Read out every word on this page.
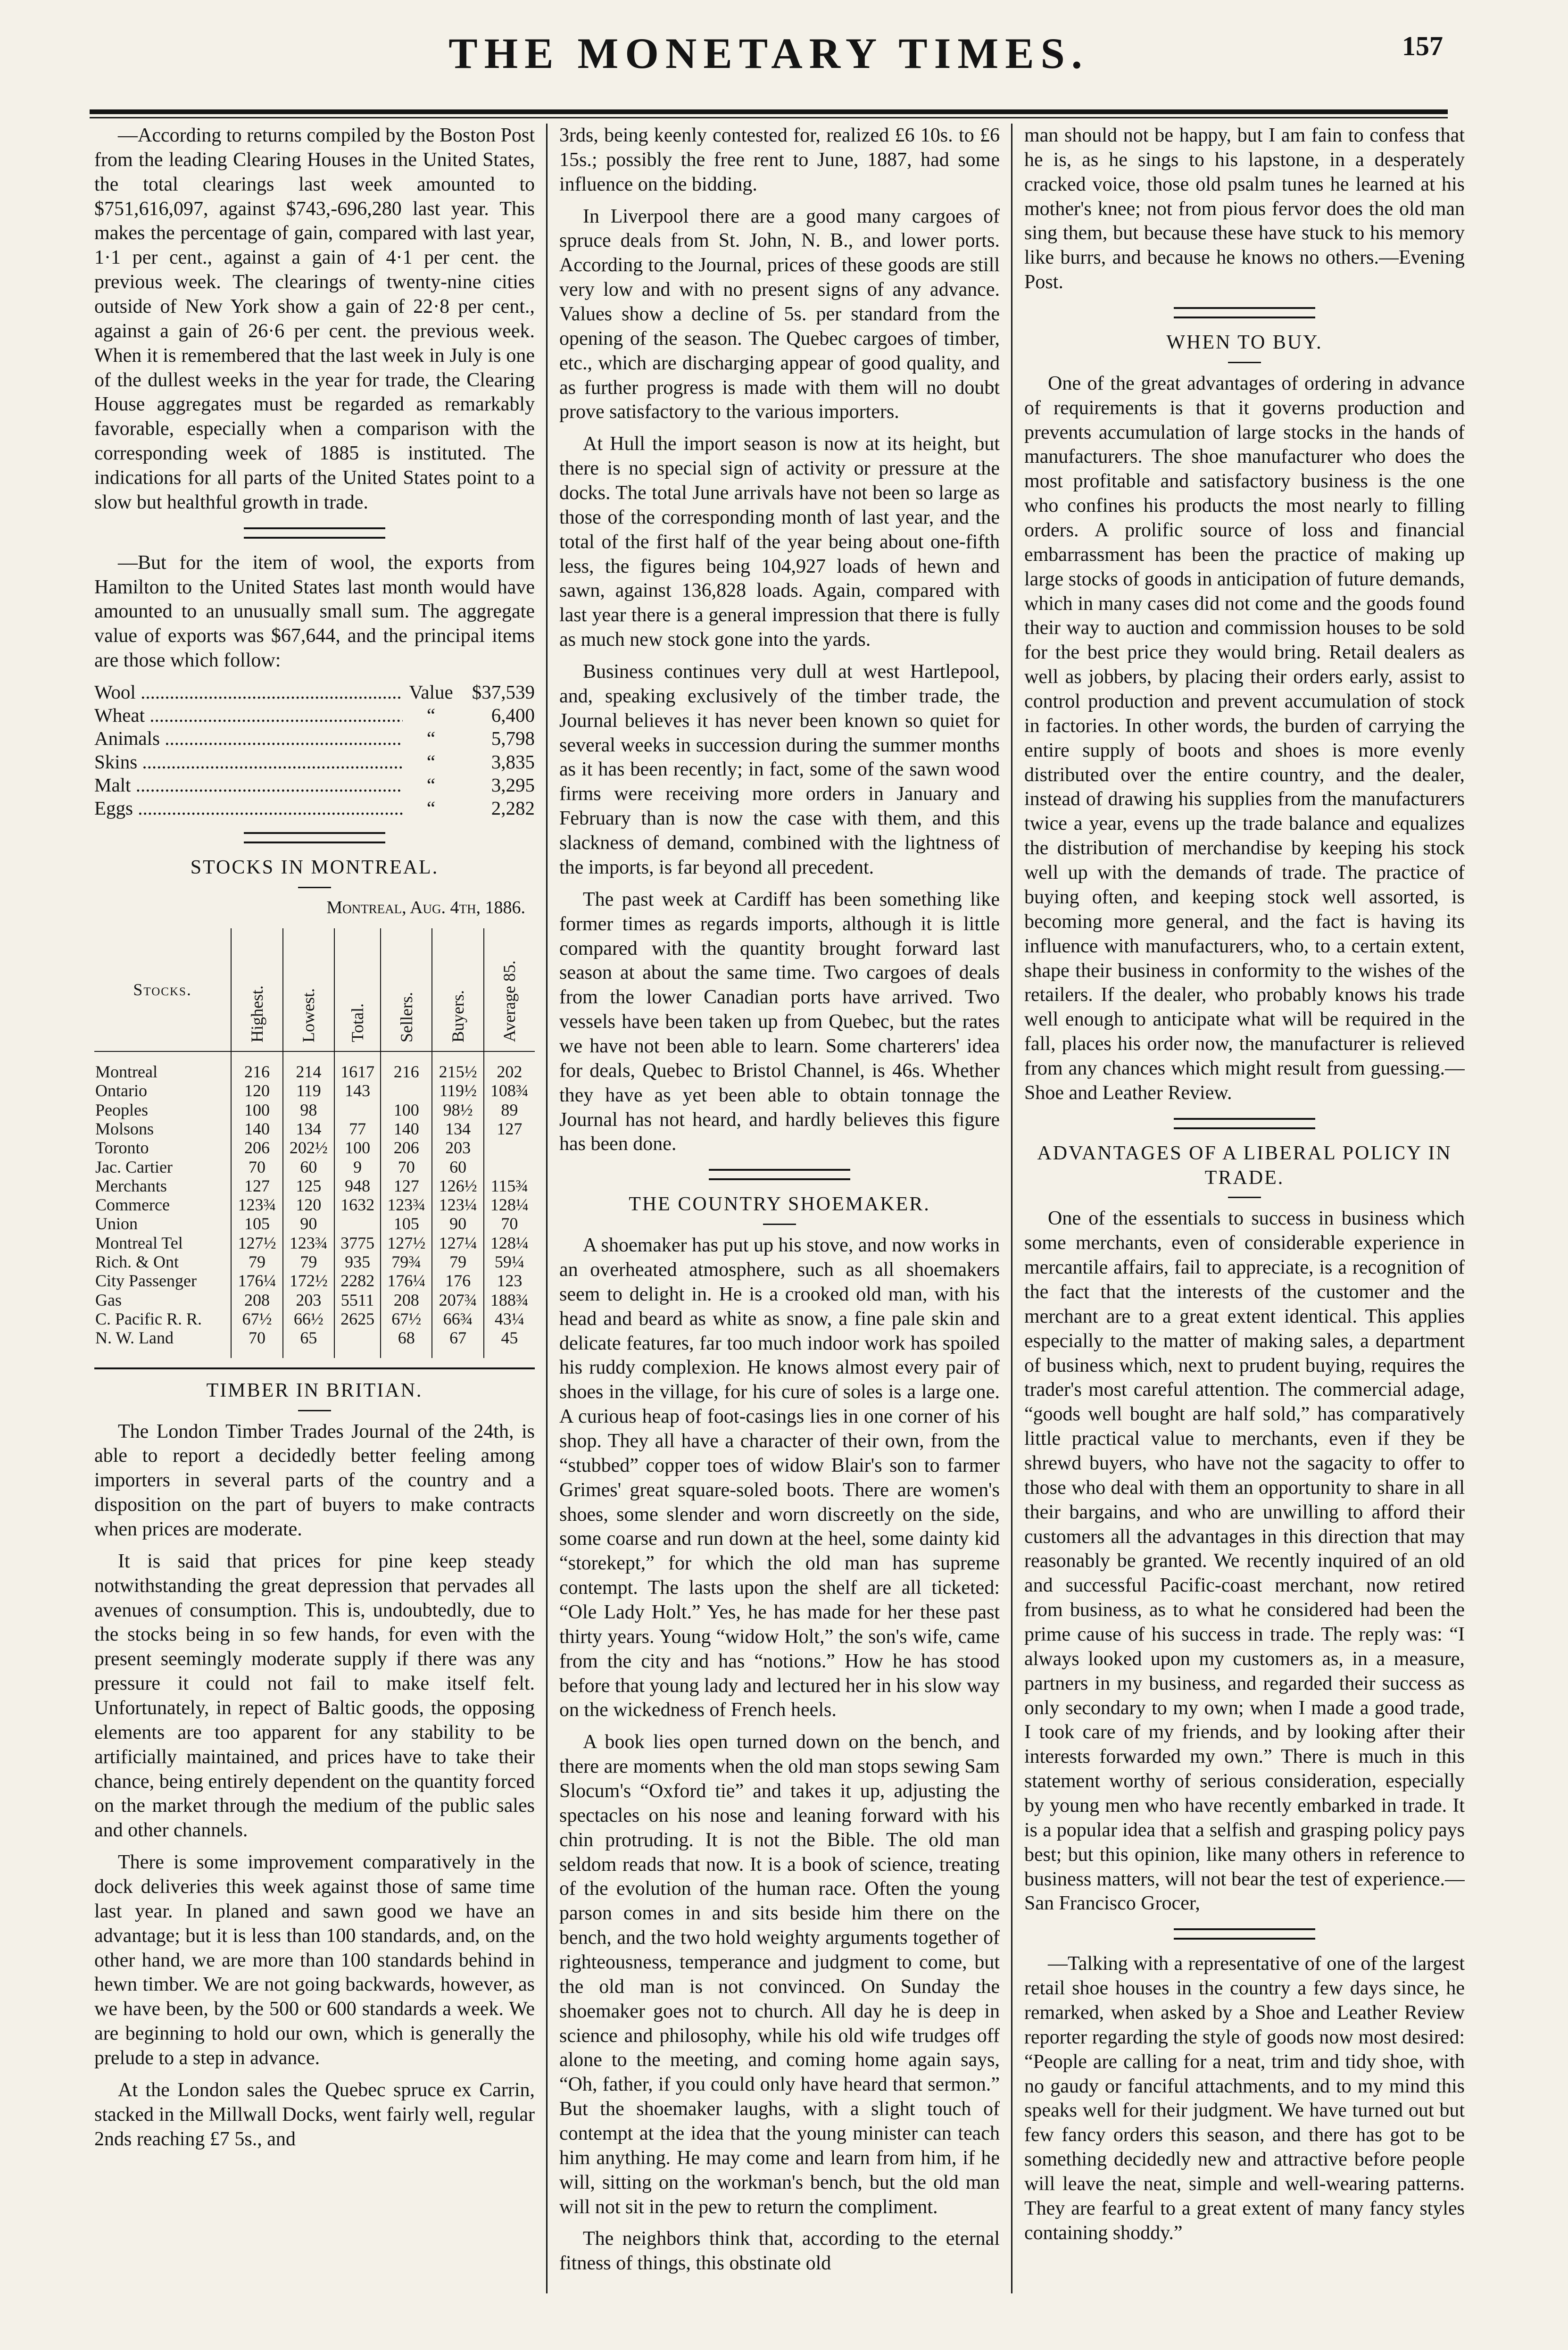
THE MONETARY TIMES.	157

—According to returns compiled by the Boston Post from the leading Clearing Houses in the United States, the total clearings last week amounted to $751,616,097, against $743,-696,280 last year. This makes the percentage of gain, compared with last year, 1·1 per cent., against a gain of 4·1 per cent. the previous week. The clearings of twenty-nine cities outside of New York show a gain of 22·8 per cent., against a gain of 26·6 per cent. the previous week. When it is remembered that the last week in July is one of the dullest weeks in the year for trade, the Clearing House aggregates must be regarded as remarkably favorable, especially when a comparison with the corresponding week of 1885 is instituted. The indications for all parts of the United States point to a slow but healthful growth in trade.

—But for the item of wool, the exports from Hamilton to the United States last month would have amounted to an unusually small sum. The aggregate value of exports was $67,644, and the principal items are those which follow:

Wool .....	Value $37,539
Wheat .....	“	6,400
Animals .....	“	5,798
Skins .....	“	3,835
Malt .....	“	3,295
Eggs .....	“	2,282
STOCKS IN MONTREAL.
Montreal, Aug. 4th, 1886.
Stocks.	Highest.	Lowest.	Total.	Sellers.	Buyers.	Average 85.
Montreal	216	214	1617	216	215½	202
Ontario	120	119	143		119½	108¾
Peoples	100	98		100	98½	89
Molsons	140	134	77	140	134	127
Toronto	206	202½	100	206	203	
Jac. Cartier	70	60	9	70	60	
Merchants	127	125	948	127	126½	115¾
Commerce	123¾	120	1632	123¾	123¼	128¼
Union	105	90		105	90	70
Montreal Tel	127½	123¾	3775	127½	127¼	128¼
Rich. & Ont	79	79	935	79¾	79	59¼
City Passenger	176¼	172½	2282	176¼	176	123
Gas	208	203	5511	208	207¾	188¾
C. Pacific R. R.	67½	66½	2625	67½	66¾	43¼
N. W. Land	70	65		68	67	45
TIMBER IN BRITIAN.

The London Timber Trades Journal of the 24th, is able to report a decidedly better feeling among importers in several parts of the country and a disposition on the part of buyers to make contracts when prices are moderate.

It is said that prices for pine keep steady notwithstanding the great depression that pervades all avenues of consumption. This is, undoubtedly, due to the stocks being in so few hands, for even with the present seemingly moderate supply if there was any pressure it could not fail to make itself felt. Unfortunately, in repect of Baltic goods, the opposing elements are too apparent for any stability to be artificially maintained, and prices have to take their chance, being entirely dependent on the quantity forced on the market through the medium of the public sales and other channels.

There is some improvement comparatively in the dock deliveries this week against those of same time last year. In planed and sawn good we have an advantage; but it is less than 100 standards, and, on the other hand, we are more than 100 standards behind in hewn timber. We are not going backwards, however, as we have been, by the 500 or 600 standards a week. We are beginning to hold our own, which is generally the prelude to a step in advance.

At the London sales the Quebec spruce ex Carrin, stacked in the Millwall Docks, went fairly well, regular 2nds reaching £7 5s., and

3rds, being keenly contested for, realized £6 10s. to £6 15s.; possibly the free rent to June, 1887, had some influence on the bidding.

In Liverpool there are a good many cargoes of spruce deals from St. John, N. B., and lower ports. According to the Journal, prices of these goods are still very low and with no present signs of any advance. Values show a decline of 5s. per standard from the opening of the season. The Quebec cargoes of timber, etc., which are discharging appear of good quality, and as further progress is made with them will no doubt prove satisfactory to the various importers.

At Hull the import season is now at its height, but there is no special sign of activity or pressure at the docks. The total June arrivals have not been so large as those of the corresponding month of last year, and the total of the first half of the year being about one-fifth less, the figures being 104,927 loads of hewn and sawn, against 136,828 loads. Again, compared with last year there is a general impression that there is fully as much new stock gone into the yards.

Business continues very dull at west Hartlepool, and, speaking exclusively of the timber trade, the Journal believes it has never been known so quiet for several weeks in succession during the summer months as it has been recently; in fact, some of the sawn wood firms were receiving more orders in January and February than is now the case with them, and this slackness of demand, combined with the lightness of the imports, is far beyond all precedent.

The past week at Cardiff has been something like former times as regards imports, although it is little compared with the quantity brought forward last season at about the same time. Two cargoes of deals from the lower Canadian ports have arrived. Two vessels have been taken up from Quebec, but the rates we have not been able to learn. Some charterers' idea for deals, Quebec to Bristol Channel, is 46s. Whether they have as yet been able to obtain tonnage the Journal has not heard, and hardly believes this figure has been done.

THE COUNTRY SHOEMAKER.

A shoemaker has put up his stove, and now works in an overheated atmosphere, such as all shoemakers seem to delight in. He is a crooked old man, with his head and beard as white as snow, a fine pale skin and delicate features, far too much indoor work has spoiled his ruddy complexion. He knows almost every pair of shoes in the village, for his cure of soles is a large one. A curious heap of foot-casings lies in one corner of his shop. They all have a character of their own, from the “stubbed” copper toes of widow Blair's son to farmer Grimes' great square-soled boots. There are women's shoes, some slender and worn discreetly on the side, some coarse and run down at the heel, some dainty kid “storekept,” for which the old man has supreme contempt. The lasts upon the shelf are all ticketed: “Ole Lady Holt.” Yes, he has made for her these past thirty years. Young “widow Holt,” the son's wife, came from the city and has “notions.” How he has stood before that young lady and lectured her in his slow way on the wickedness of French heels.

A book lies open turned down on the bench, and there are moments when the old man stops sewing Sam Slocum's “Oxford tie” and takes it up, adjusting the spectacles on his nose and leaning forward with his chin protruding. It is not the Bible. The old man seldom reads that now. It is a book of science, treating of the evolution of the human race. Often the young parson comes in and sits beside him there on the bench, and the two hold weighty arguments together of righteousness, temperance and judgment to come, but the old man is not convinced. On Sunday the shoemaker goes not to church. All day he is deep in science and philosophy, while his old wife trudges off alone to the meeting, and coming home again says, “Oh, father, if you could only have heard that sermon.” But the shoemaker laughs, with a slight touch of contempt at the idea that the young minister can teach him anything. He may come and learn from him, if he will, sitting on the workman's bench, but the old man will not sit in the pew to return the compliment.

The neighbors think that, according to the eternal fitness of things, this obstinate old

man should not be happy, but I am fain to confess that he is, as he sings to his lapstone, in a desperately cracked voice, those old psalm tunes he learned at his mother's knee; not from pious fervor does the old man sing them, but because these have stuck to his memory like burrs, and because he knows no others.—Evening Post.

WHEN TO BUY.

One of the great advantages of ordering in advance of requirements is that it governs production and prevents accumulation of large stocks in the hands of manufacturers. The shoe manufacturer who does the most profitable and satisfactory business is the one who confines his products the most nearly to filling orders. A prolific source of loss and financial embarrassment has been the practice of making up large stocks of goods in anticipation of future demands, which in many cases did not come and the goods found their way to auction and commission houses to be sold for the best price they would bring. Retail dealers as well as jobbers, by placing their orders early, assist to control production and prevent accumulation of stock in factories. In other words, the burden of carrying the entire supply of boots and shoes is more evenly distributed over the entire country, and the dealer, instead of drawing his supplies from the manufacturers twice a year, evens up the trade balance and equalizes the distribution of merchandise by keeping his stock well up with the demands of trade. The practice of buying often, and keeping stock well assorted, is becoming more general, and the fact is having its influence with manufacturers, who, to a certain extent, shape their business in conformity to the wishes of the retailers. If the dealer, who probably knows his trade well enough to anticipate what will be required in the fall, places his order now, the manufacturer is relieved from any chances which might result from guessing.—Shoe and Leather Review.

ADVANTAGES OF A LIBERAL POLICY IN TRADE.

One of the essentials to success in business which some merchants, even of considerable experience in mercantile affairs, fail to appreciate, is a recognition of the fact that the interests of the customer and the merchant are to a great extent identical. This applies especially to the matter of making sales, a department of business which, next to prudent buying, requires the trader's most careful attention. The commercial adage, “goods well bought are half sold,” has comparatively little practical value to merchants, even if they be shrewd buyers, who have not the sagacity to offer to those who deal with them an opportunity to share in all their bargains, and who are unwilling to afford their customers all the advantages in this direction that may reasonably be granted. We recently inquired of an old and successful Pacific-coast merchant, now retired from business, as to what he considered had been the prime cause of his success in trade. The reply was: “I always looked upon my customers as, in a measure, partners in my business, and regarded their success as only secondary to my own; when I made a good trade, I took care of my friends, and by looking after their interests forwarded my own.” There is much in this statement worthy of serious consideration, especially by young men who have recently embarked in trade. It is a popular idea that a selfish and grasping policy pays best; but this opinion, like many others in reference to business matters, will not bear the test of experience.—San Francisco Grocer,

—Talking with a representative of one of the largest retail shoe houses in the country a few days since, he remarked, when asked by a Shoe and Leather Review reporter regarding the style of goods now most desired: “People are calling for a neat, trim and tidy shoe, with no gaudy or fanciful attachments, and to my mind this speaks well for their judgment. We have turned out but few fancy orders this season, and there has got to be something decidedly new and attractive before people will leave the neat, simple and well-wearing patterns. They are fearful to a great extent of many fancy styles containing shoddy.”
